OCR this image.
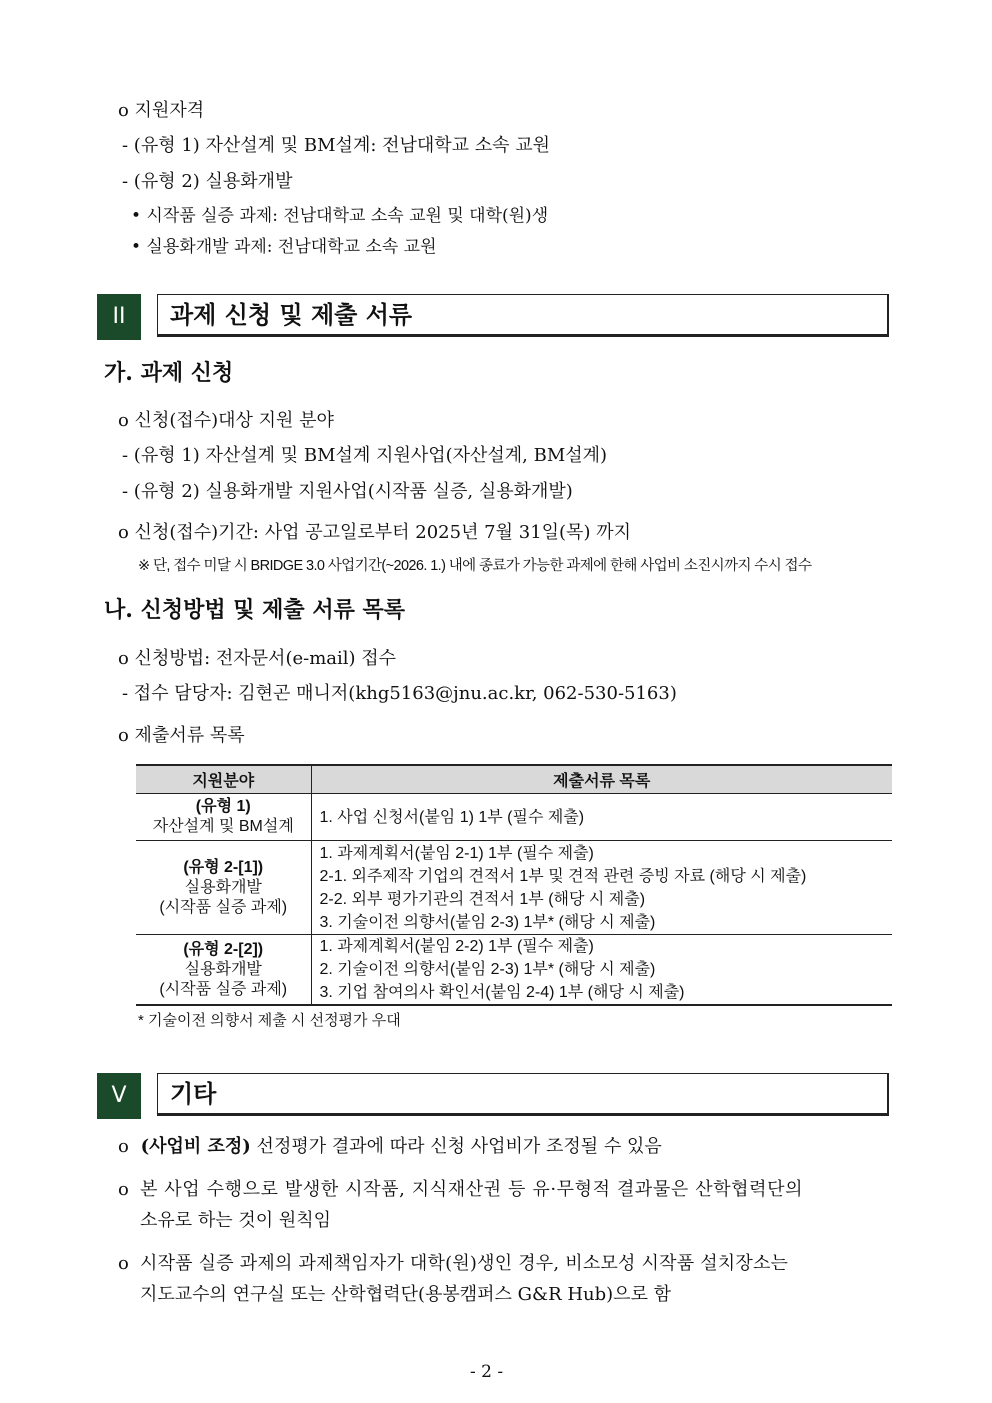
o 지원자격
- (유형 1) 자산설계 및 BM설계: 전남대학교 소속 교원
- (유형 2) 실용화개발
• 시작품 실증 과제: 전남대학교 소속 교원 및 대학(원)생
• 실용화개발 과제: 전남대학교 소속 교원
II	과제 신청 및 제출 서류
가. 과제 신청
o 신청(접수)대상 지원 분야
- (유형 1) 자산설계 및 BM설계 지원사업(자산설계, BM설계)
- (유형 2) 실용화개발 지원사업(시작품 실증, 실용화개발)
o 신청(접수)기간: 사업 공고일로부터 2025년 7월 31일(목) 까지
※ 단, 접수 미달 시 BRIDGE 3.0 사업기간(~2026. 1.) 내에 종료가 가능한 과제에 한해 사업비 소진시까지 수시 접수
나. 신청방법 및 제출 서류 목록
o 신청방법: 전자문서(e-mail) 접수
- 접수 담당자: 김현곤 매니저(khg5163@jnu.ac.kr, 062-530-5163)
o 제출서류 목록
지원분야	제출서류 목록

(유형 1)
자산설계 및 BM설계	1. 사업 신청서(붙임 1) 1부 (필수 제출)

(유형 2-[1])
실용화개발
(시작품 실증 과제)	1. 과제계획서(붙임 2-1) 1부 (필수 제출)
2-1. 외주제작 기업의 견적서 1부 및 견적 관련 증빙 자료 (해당 시 제출)
2-2. 외부 평가기관의 견적서 1부 (해당 시 제출)
3. 기술이전 의향서(붙임 2-3) 1부* (해당 시 제출)

(유형 2-[2])
실용화개발
(시작품 실증 과제)	1. 과제계획서(붙임 2-2) 1부 (필수 제출)
2. 기술이전 의향서(붙임 2-3) 1부* (해당 시 제출)
3. 기업 참여의사 확인서(붙임 2-4) 1부 (해당 시 제출)
* 기술이전 의향서 제출 시 선정평가 우대
V	기타
o (사업비 조정) 선정평가 결과에 따라 신청 사업비가 조정될 수 있음
o 본 사업 수행으로 발생한 시작품, 지식재산권 등 유·무형적 결과물은 산학협력단의
소유로 하는 것이 원칙임
o 시작품 실증 과제의 과제책임자가 대학(원)생인 경우, 비소모성 시작품 설치장소는
지도교수의 연구실 또는 산학협력단(용봉캠퍼스 G&R Hub)으로 함
- 2 -
